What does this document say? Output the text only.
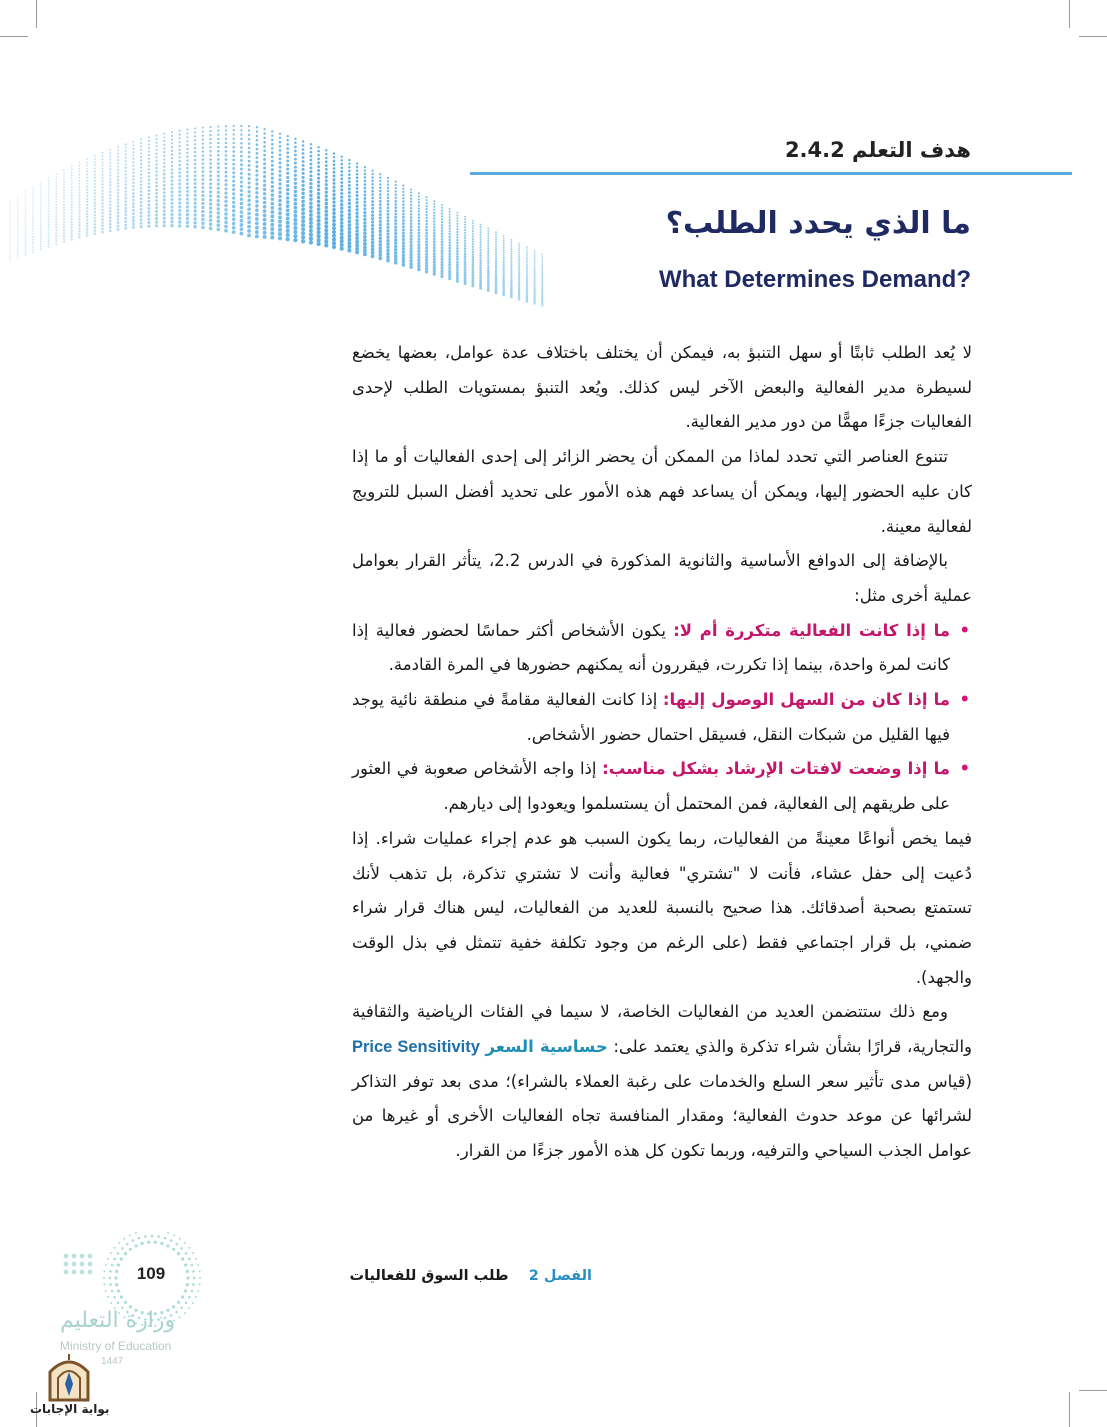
هدف التعلم 2.4.2
ما الذي يحدد الطلب؟
What Determines Demand?

لا يُعد الطلب ثابتًا أو سهل التنبؤ به، فيمكن أن يختلف باختلاف عدة عوامل، بعضها يخضع لسيطرة مدير الفعالية والبعض الآخر ليس كذلك. ويُعد التنبؤ بمستويات الطلب لإحدى الفعاليات جزءًا مهمًّا من دور مدير الفعالية.

تتنوع العناصر التي تحدد لماذا من الممكن أن يحضر الزائر إلى إحدى الفعاليات أو ما إذا كان عليه الحضور إليها، ويمكن أن يساعد فهم هذه الأمور على تحديد أفضل السبل للترويج لفعالية معينة.

بالإضافة إلى الدوافع الأساسية والثانوية المذكورة في الدرس 2.2، يتأثر القرار بعوامل عملية أخرى مثل:

•
ما إذا كانت الفعالية متكررة أم لا: يكون الأشخاص أكثر حماسًا لحضور فعالية إذا كانت لمرة واحدة، بينما إذا تكررت، فيقررون أنه يمكنهم حضورها في المرة القادمة.
•
ما إذا كان من السهل الوصول إليها: إذا كانت الفعالية مقامةً في منطقة نائية يوجد فيها القليل من شبكات النقل، فسيقل احتمال حضور الأشخاص.
•
ما إذا وضعت لافتات الإرشاد بشكل مناسب: إذا واجه الأشخاص صعوبة في العثور على طريقهم إلى الفعالية، فمن المحتمل أن يستسلموا ويعودوا إلى ديارهم.

فيما يخص أنواعًا معينةً من الفعاليات، ربما يكون السبب هو عدم إجراء عمليات شراء. إذا دُعيت إلى حفل عشاء، فأنت لا "تشتري" فعالية وأنت لا تشتري تذكرة، بل تذهب لأنك تستمتع بصحبة أصدقائك. هذا صحيح بالنسبة للعديد من الفعاليات، ليس هناك قرار شراء ضمني، بل قرار اجتماعي فقط (على الرغم من وجود تكلفة خفية تتمثل في بذل الوقت والجهد).

ومع ذلك ستتضمن العديد من الفعاليات الخاصة، لا سيما في الفئات الرياضية والثقافية والتجارية، قرارًا بشأن شراء تذكرة والذي يعتمد على: حساسية السعر Price Sensitivity (قياس مدى تأثير سعر السلع والخدمات على رغبة العملاء بالشراء)؛ مدى بعد توفر التذاكر لشرائها عن موعد حدوث الفعالية؛ ومقدار المنافسة تجاه الفعاليات الأخرى أو غيرها من عوامل الجذب السياحي والترفيه، وربما تكون كل هذه الأمور جزءًا من القرار.

الفصل 2    طلب السوق للفعاليات
109
وزارة التعليم
Ministry of Education
1447
بوابة الإجابات
